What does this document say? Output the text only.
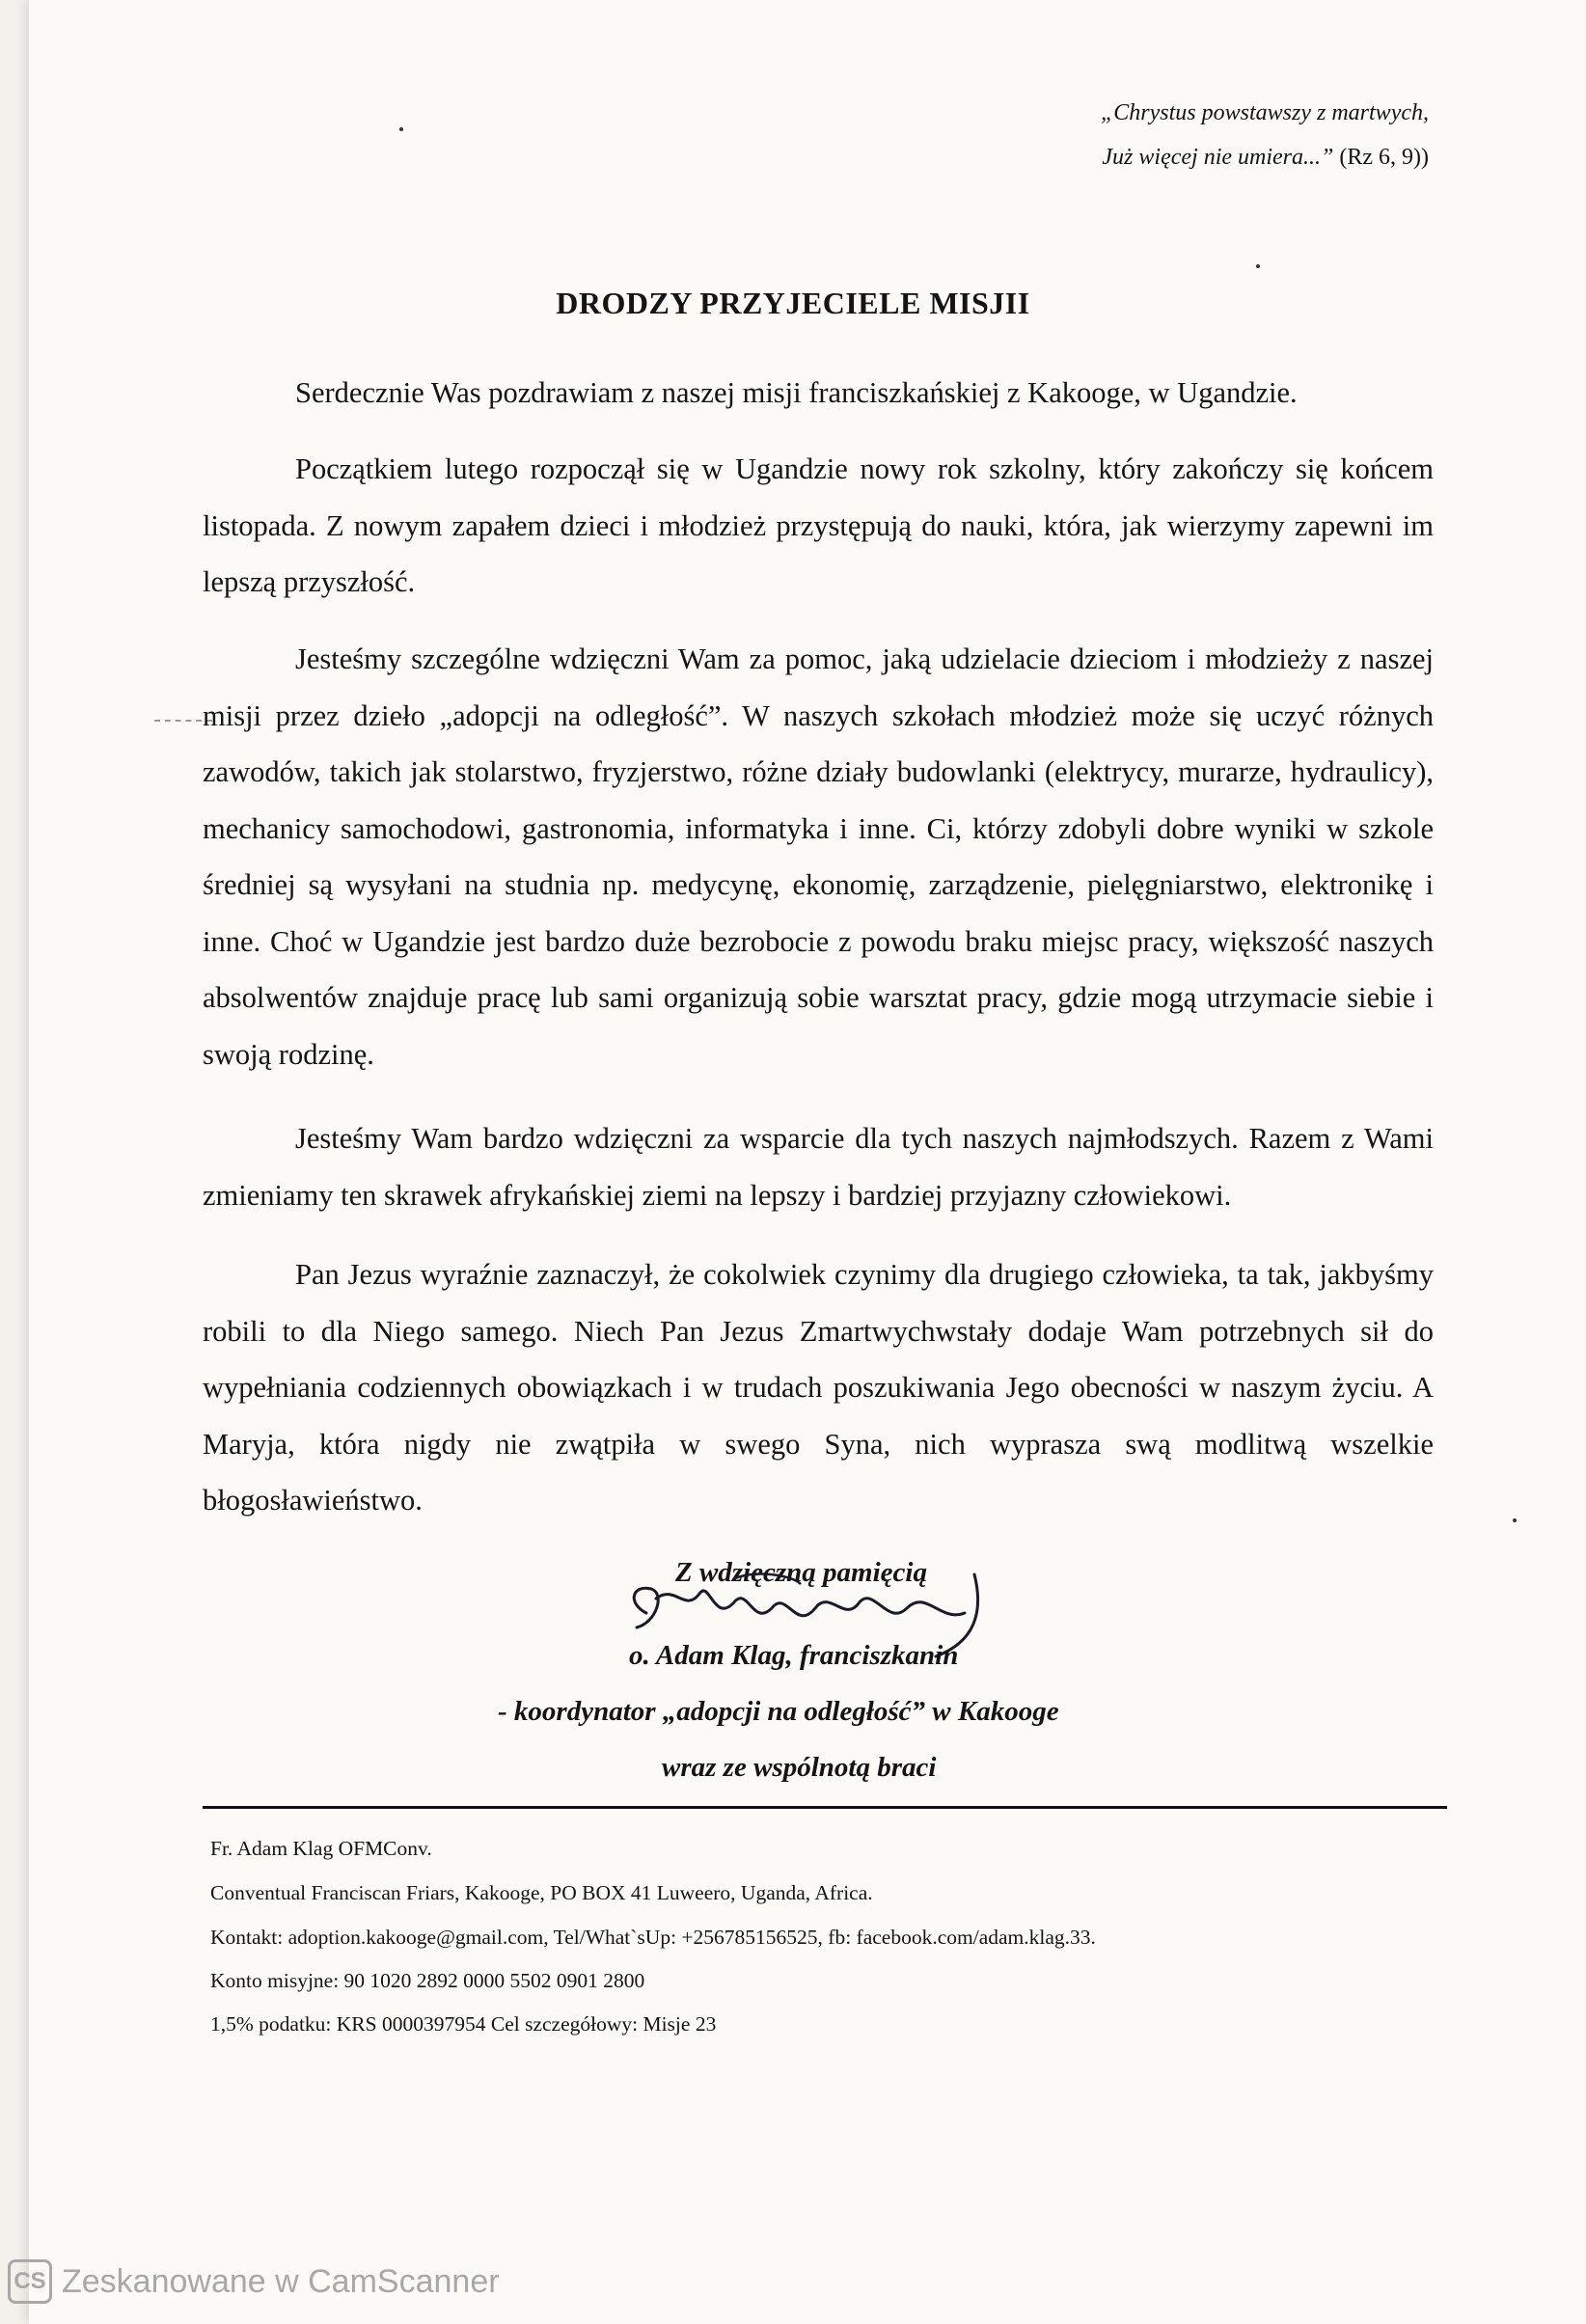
„Chrystus powstawszy z martwych,
Już więcej nie umiera...” (Rz 6, 9))
DRODZY PRZYJECIELE MISJII

Serdecznie Was pozdrawiam z naszej misji franciszkańskiej z Kakooge, w Ugandzie.

Początkiem lutego rozpoczął się w Ugandzie nowy rok szkolny, który zakończy się końcem listopada. Z nowym zapałem dzieci i młodzież przystępują do nauki, która, jak wierzymy zapewni im lepszą przyszłość.

Jesteśmy szczególne wdzięczni Wam za pomoc, jaką udzielacie dzieciom i młodzieży z naszej misji przez dzieło „adopcji na odległość”. W naszych szkołach młodzież może się uczyć różnych zawodów, takich jak stolarstwo, fryzjerstwo, różne działy budowlanki (elektrycy, murarze, hydraulicy), mechanicy samochodowi, gastronomia, informatyka i inne. Ci, którzy zdobyli dobre wyniki w szkole średniej są wysyłani na studnia np. medycynę, ekonomię, zarządzenie, pielęgniarstwo, elektronikę i inne. Choć w Ugandzie jest bardzo duże bezrobocie z powodu braku miejsc pracy, większość naszych absolwentów znajduje pracę lub sami organizują sobie warsztat pracy, gdzie mogą utrzymacie siebie i swoją rodzinę.

Jesteśmy Wam bardzo wdzięczni za wsparcie dla tych naszych najmłodszych. Razem z Wami zmieniamy ten skrawek afrykańskiej ziemi na lepszy i bardziej przyjazny człowiekowi.

Pan Jezus wyraźnie zaznaczył, że cokolwiek czynimy dla drugiego człowieka, ta tak, jakbyśmy robili to dla Niego samego. Niech Pan Jezus Zmartwychwstały dodaje Wam potrzebnych sił do wypełniania codziennych obowiązkach i w trudach poszukiwania Jego obecności w naszym życiu. A Maryja, która nigdy nie zwątpiła w swego Syna, nich wyprasza swą modlitwą wszelkie błogosławieństwo.

Z wdzięczną pamięcią
o. Adam Klag, franciszkanin
- koordynator „adopcji na odległość” w Kakooge
wraz ze wspólnotą braci
Fr. Adam Klag OFMConv.
Conventual Franciscan Friars, Kakooge, PO BOX 41 Luweero, Uganda, Africa.
Kontakt: adoption.kakooge@gmail.com, Tel/What`sUp: +256785156525, fb: facebook.com/adam.klag.33.
Konto misyjne: 90 1020 2892 0000 5502 0901 2800
1,5% podatku: KRS 0000397954 Cel szczegółowy: Misje 23
CS Zeskanowane w CamScanner
